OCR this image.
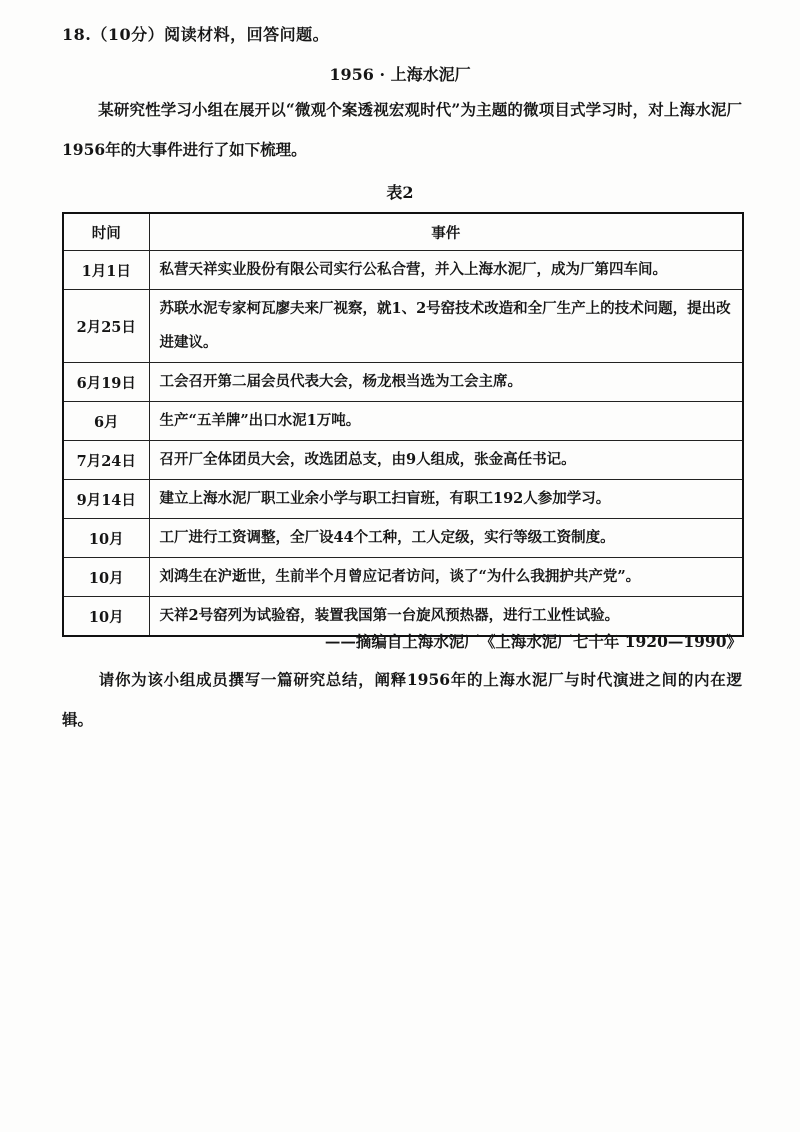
18.（10分）阅读材料，回答问题。
1956 · 上海水泥厂
某研究性学习小组在展开以“微观个案透视宏观时代”为主题的微项目式学习时，对上海水泥厂1956年的大事件进行了如下梳理。
表2
时间	事件
1月1日	私营天祥实业股份有限公司实行公私合营，并入上海水泥厂，成为厂第四车间。
2月25日	苏联水泥专家柯瓦廖夫来厂视察，就1、2号窑技术改造和全厂生产上的技术问题，提出改进建议。
6月19日	工会召开第二届会员代表大会，杨龙根当选为工会主席。
6月	生产“五羊牌”出口水泥1万吨。
7月24日	召开厂全体团员大会，改选团总支，由9人组成，张金高任书记。
9月14日	建立上海水泥厂职工业余小学与职工扫盲班，有职工192人参加学习。
10月	工厂进行工资调整，全厂设44个工种，工人定级，实行等级工资制度。
10月	刘鸿生在沪逝世，生前半个月曾应记者访问，谈了“为什么我拥护共产党”。
10月	天祥2号窑列为试验窑，装置我国第一台旋风预热器，进行工业性试验。
——摘编自上海水泥厂《上海水泥厂七十年 1920—1990》
请你为该小组成员撰写一篇研究总结，阐释1956年的上海水泥厂与时代演进之间的内在逻辑。
